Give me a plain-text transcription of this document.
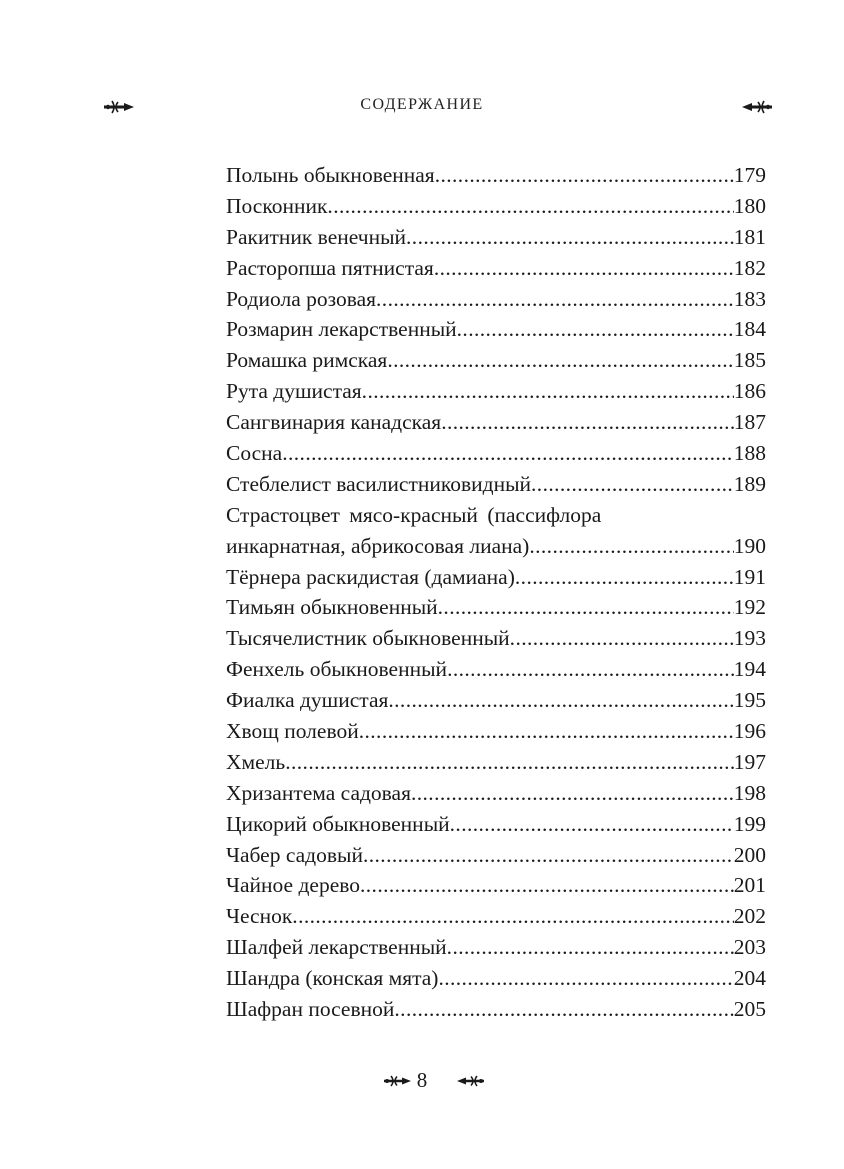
СОДЕРЖАНИЕ
Полынь обыкновенная .....	179
Посконник .....	180
Ракитник венечный .....	181
Расторопша пятнистая .....	182
Родиола розовая .....	183
Розмарин лекарственный .....	184
Ромашка римская .....	185
Рута душистая .....	186
Сангвинария канадская .....	187
Сосна .....	188
Стеблелист василистниковидный .....	189
Страстоцвет мясо-красный (пассифлора
инкарнатная, абрикосовая лиана) .....	190
Тёрнера раскидистая (дамиана) .....	191
Тимьян обыкновенный .....	192
Тысячелистник обыкновенный .....	193
Фенхель обыкновенный .....	194
Фиалка душистая .....	195
Хвощ полевой .....	196
Хмель .....	197
Хризантема садовая .....	198
Цикорий обыкновенный .....	199
Чабер садовый .....	200
Чайное дерево .....	201
Чеснок .....	202
Шалфей лекарственный .....	203
Шандра (конская мята) .....	204
Шафран посевной .....	205
8
